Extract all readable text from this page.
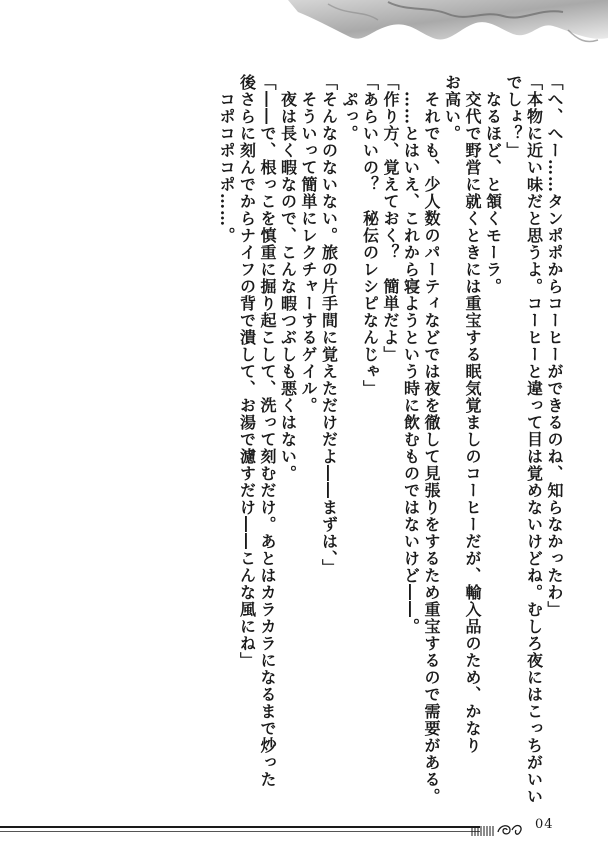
「へ、へー……タンポポからコーヒーができるのね、知らなかったわ」
「本物に近い味だと思うよ。コーヒーと違って目は覚めないけどね。むしろ夜にはこっちがいい
でしょ？」
　なるほど、と頷くモーラ。
　交代で野営に就くときには重宝する眠気覚ましのコーヒーだが、輸入品のため、かなり
お高い。
　それでも、少人数のパーティなどでは夜を徹して見張りをするため重宝するので需要がある。
　……とはいえ、これから寝ようという時に飲むものではないけど――。
「作り方、覚えておく？　簡単だよ」
「あらいいの？　秘伝のレシピなんじゃ」
　ぷっ。
「そんなのないない。旅の片手間に覚えただけだよ――まずは、」
　そういって簡単にレクチャーするゲイル。
　夜は長く暇なので、こんな暇つぶしも悪くはない。
「――で、根っこを慎重に掘り起こして、洗って刻むだけ。あとはカラカラになるまで炒った
後さらに刻んでからナイフの背で潰して、お湯で濾すだけ――こんな風にね」
　コポコポコポ……。
04
